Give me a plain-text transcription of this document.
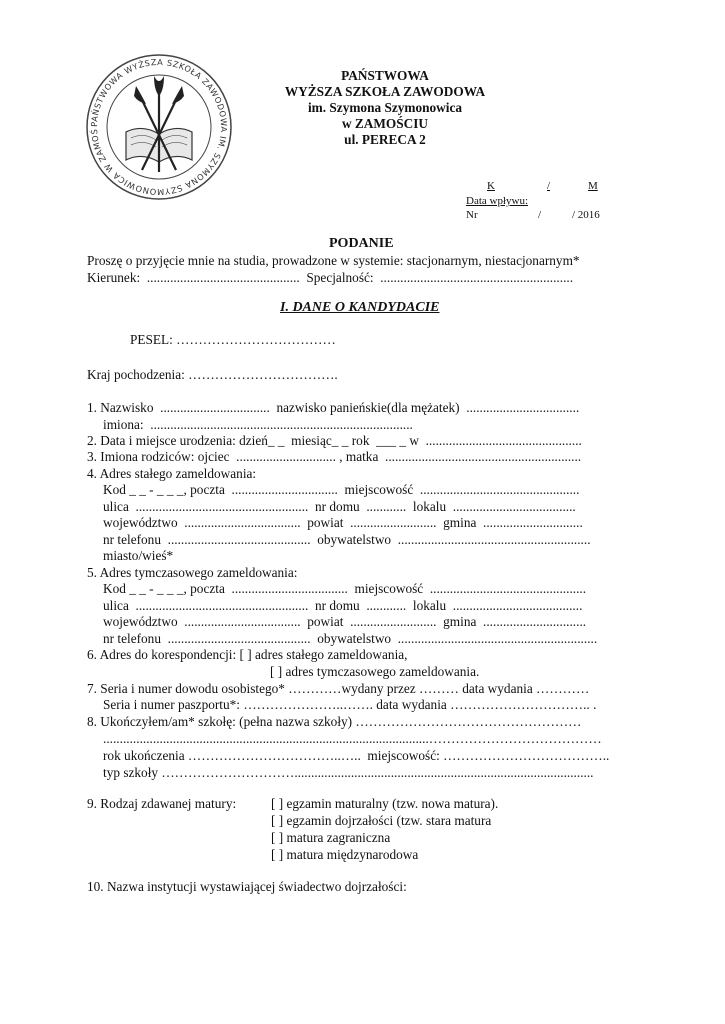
PAŃSTWOWA WYŻSZA SZKOŁA ZAWODOWA IM. SZYMONA SZYMONOWICA W ZAMOŚ
PAŃSTWOWA
WYŻSZA SZKOŁA ZAWODOWA
im. Szymona Szymonowica
w ZAMOŚCIU
ul. PERECA 2
K	/	M
Data wpływu:
Nr	/	/ 2016
PODANIE
Proszę o przyjęcie mnie na studia, prowadzone w systemie: stacjonarnym, niestacjonarnym*
Kierunek:  ..............................................  Specjalność:  ..........................................................
I. DANE O KANDYDACIE
PESEL: ………………………………
Kraj pochodzenia: …………………………….
1. Nazwisko  .................................  nazwisko panieńskie(dla mężatek)  ..................................
imiona:  ...............................................................................
2. Data i miejsce urodzenia: dzień_ _  miesiąc_ _ rok  ___ _ w  ...............................................
3. Imiona rodziców: ojciec  .............................. , matka  ...........................................................
4. Adres stałego zameldowania:
Kod _ _ - _ _ _, poczta  ................................  miejscowość  ................................................
ulica  ....................................................  nr domu  ............  lokalu  .....................................
województwo  ...................................  powiat  ..........................  gmina  ..............................
nr telefonu  ...........................................  obywatelstwo  ..........................................................
miasto/wieś*
5. Adres tymczasowego zameldowania:
Kod _ _ - _ _ _, poczta  ...................................  miejscowość  ...............................................
ulica  ....................................................  nr domu  ............  lokalu  .......................................
województwo  ...................................  powiat  ..........................  gmina  ...............................
nr telefonu  ...........................................  obywatelstwo  ............................................................
6. Adres do korespondencji: [ ] adres stałego zameldowania,
[ ] adres tymczasowego zameldowania.
7. Seria i numer dowodu osobistego* …………wydany przez ……… data wydania …………
Seria i numer paszportu*: …………………..……. data wydania ………………………….. .
8. Ukończyłem/am* szkołę: (pełna nazwa szkoły) ……………………………………………
..................................................................................................…………………………………
rok ukończenia ……………………………..…..  miejscowość: ………………………………..
typ szkoły …………………………..........................................................................................
9. Rodzaj zdawanej matury:	[ ] egzamin maturalny (tzw. nowa matura).
[ ] egzamin dojrzałości (tzw. stara matura
[ ] matura zagraniczna
[ ] matura międzynarodowa
10. Nazwa instytucji wystawiającej świadectwo dojrzałości:
